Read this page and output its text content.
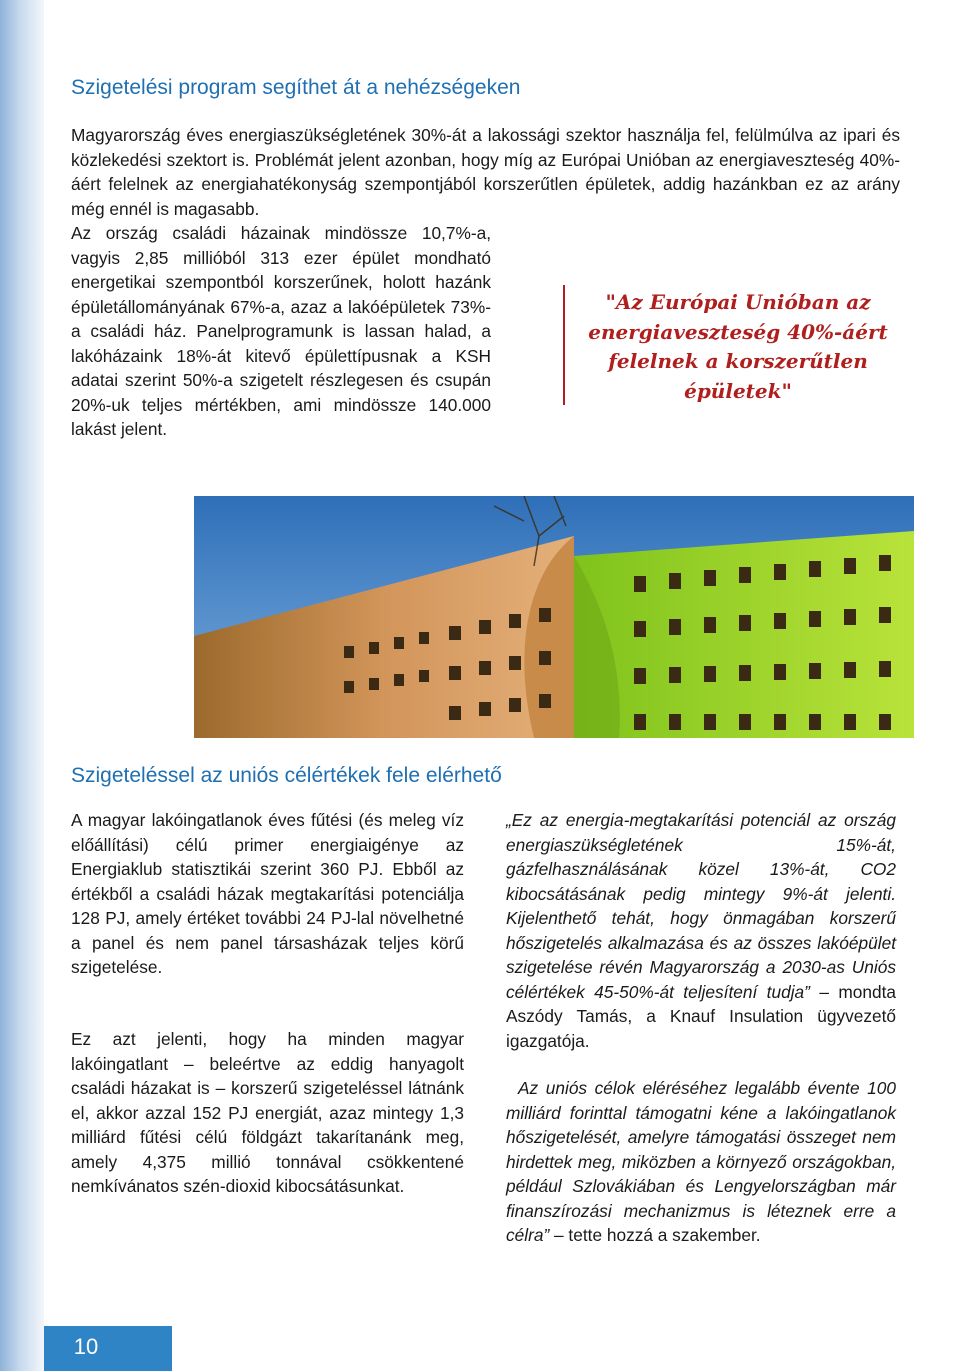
Szigetelési program segíthet át a nehézségeken

Magyarország éves energiaszükségletének 30%-át a lakossági szektor használja fel, felülmúlva az ipari és közlekedési szektort is. Problémát jelent azonban, hogy míg az Európai Unióban az energiaveszteség 40%-áért felelnek az energiahatékonyság szempontjából korszerűtlen épületek, addig hazánkban ez az arány még ennél is magasabb.

Az ország családi házainak mindössze 10,7%-a, vagyis 2,85 millióból 313 ezer épület mondható energetikai szempontból korszerűnek, holott hazánk épületállományának 67%-a, azaz a lakóépületek 73%-a családi ház. Panelprogramunk is lassan halad, a lakóházaink 18%-át kitevő épülettípusnak a KSH adatai szerint 50%-a szigetelt részlegesen és csupán 20%-uk teljes mértékben, ami mindössze 140.000 lakást jelent.

"Az Európai Unióban az energiaveszteség 40%-áért felelnek a korszerűtlen épületek"

Szigeteléssel az uniós célértékek fele elérhető

A magyar lakóingatlanok éves fűtési (és meleg víz előállítási) célú primer energiaigénye az Energiaklub statisztikái szerint 360 PJ. Ebből az értékből a családi házak megtakarítási potenciálja 128 PJ, amely értéket további 24 PJ-lal növelhetné a panel és nem panel társasházak teljes körű szigetelése.

Ez azt jelenti, hogy ha minden magyar lakóingatlant – beleértve az eddig hanyagolt családi házakat is – korszerű szigeteléssel látnánk el, akkor azzal 152 PJ energiát, azaz mintegy 1,3 milliárd fűtési célú földgázt takarítanánk meg, amely 4,375 millió tonnával csökkentené nemkívánatos szén-dioxid kibocsátásunkat.

„Ez az energia-megtakarítási potenciál az ország energiaszükségletének 15%-át, gázfelhasználásának közel 13%-át, CO2 kibocsátásának pedig mintegy 9%-át jelenti. Kijelenthető tehát, hogy önmagában korszerű hőszigetelés alkalmazása és az összes lakóépület szigetelése révén Magyarország a 2030-as Uniós célértékek 45-50%-át teljesítení tudja” – mondta Aszódy Tamás, a Knauf Insulation ügyvezető igazgatója.

Az uniós célok eléréséhez legalább évente 100 milliárd forinttal támogatni kéne a lakóingatlanok hőszigetelését, amelyre támogatási összeget nem hirdettek meg, miközben a környező országokban, például Szlovákiában és Lengyelországban már finanszírozási mechanizmus is léteznek erre a célra” – tette hozzá a szakember.

10
